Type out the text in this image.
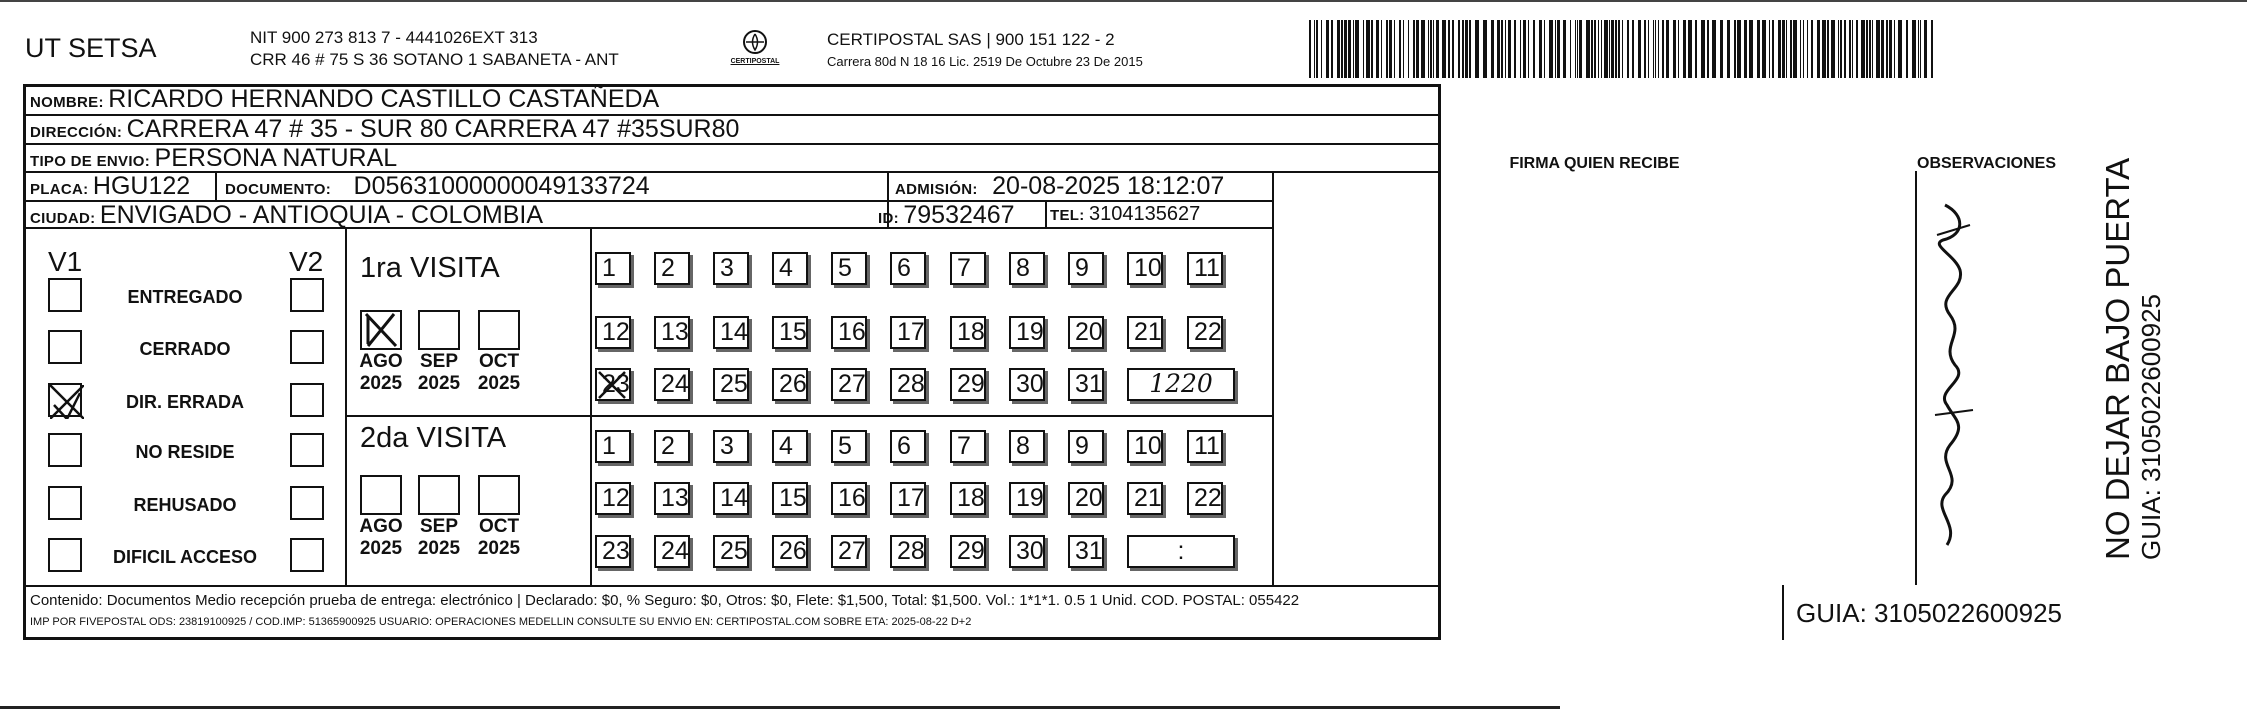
UT SETSA	NIT 900 273 813 7 - 4441026EXT 313
CRR 46 # 75 S 36 SOTANO 1 SABANETA - ANT	CERTIPOSTAL
CERTIPOSTAL SAS | 900 151 122 - 2
Carrera 80d N 18 16 Lic. 2519 De Octubre 23 De 2015
NOMBRE: RICARDO HERNANDO CASTILLO CASTAÑEDA
DIRECCIÓN: CARRERA 47 # 35 - SUR 80 CARRERA 47 #35SUR80
TIPO DE ENVIO: PERSONA NATURAL
PLACA: HGU122 DOCUMENTO: D05631000000049133724	ADMISIÓN: 20-08-2025 18:12:07
CIUDAD: ENVIGADO - ANTIOQUIA - COLOMBIA	ID: 79532467 TEL: 3104135627
FIRMA QUIEN RECIBE	OBSERVACIONES
V1	V2
ENTREGADO
CERRADO
DIR. ERRADA
NO RESIDE
REHUSADO
DIFICIL ACCESO
1ra VISITA
AGO
2025
SEP
2025
OCT
2025
1	2	3	4	5	6	7	8	9	10 11
12 13 14 15 16 17 18 19 20 21 22
23 24 25 26 27 28 29 30 31	1220
2da VISITA
AGO
2025
SEP
2025
OCT
2025
1	2	3	4	5	6	7	8	9	10 11
12 13 14 15 16 17 18 19 20 21 22
23 24 25 26 27 28 29 30 31	:
Contenido: Documentos Medio recepción prueba de entrega: electrónico | Declarado: $0, % Seguro: $0, Otros: $0, Flete: $1,500, Total: $1,500. Vol.: 1*1*1. 0.5 1 Unid. COD. POSTAL: 055422
IMP POR FIVEPOSTAL ODS: 23819100925 / COD.IMP: 51365900925 USUARIO: OPERACIONES MEDELLIN CONSULTE SU ENVIO EN: CERTIPOSTAL.COM SOBRE ETA: 2025-08-22 D+2	GUIA: 3105022600925
NO DEJAR BAJO PUERTA GUIA: 3105022600925
